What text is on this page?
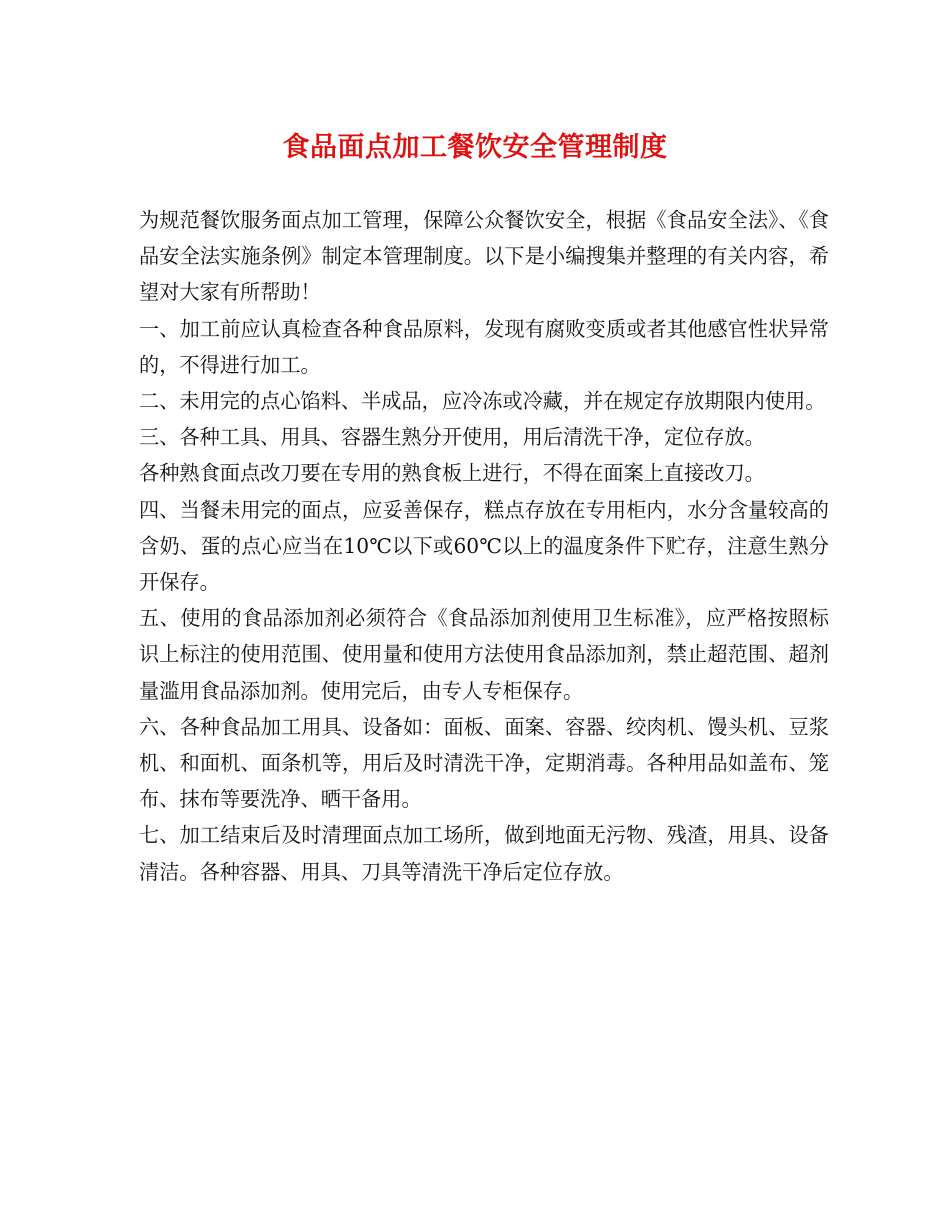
食品面点加工餐饮安全管理制度

为规范餐饮服务面点加工管理，保障公众餐饮安全，根据《食品安全法》、《食品安全法实施条例》制定本管理制度。以下是小编搜集并整理的有关内容，希望对大家有所帮助！

一、加工前应认真检查各种食品原料，发现有腐败变质或者其他感官性状异常的，不得进行加工。

二、未用完的点心馅料、半成品，应冷冻或冷藏，并在规定存放期限内使用。

三、各种工具、用具、容器生熟分开使用，用后清洗干净，定位存放。

各种熟食面点改刀要在专用的熟食板上进行，不得在面案上直接改刀。

四、当餐未用完的面点，应妥善保存，糕点存放在专用柜内，水分含量较高的含奶、蛋的点心应当在10℃以下或60℃以上的温度条件下贮存，注意生熟分开保存。

五、使用的食品添加剂必须符合《食品添加剂使用卫生标准》，应严格按照标识上标注的使用范围、使用量和使用方法使用食品添加剂，禁止超范围、超剂量滥用食品添加剂。使用完后，由专人专柜保存。

六、各种食品加工用具、设备如：面板、面案、容器、绞肉机、馒头机、豆浆机、和面机、面条机等，用后及时清洗干净，定期消毒。各种用品如盖布、笼布、抹布等要洗净、晒干备用。

七、加工结束后及时清理面点加工场所，做到地面无污物、残渣，用具、设备清洁。各种容器、用具、刀具等清洗干净后定位存放。
